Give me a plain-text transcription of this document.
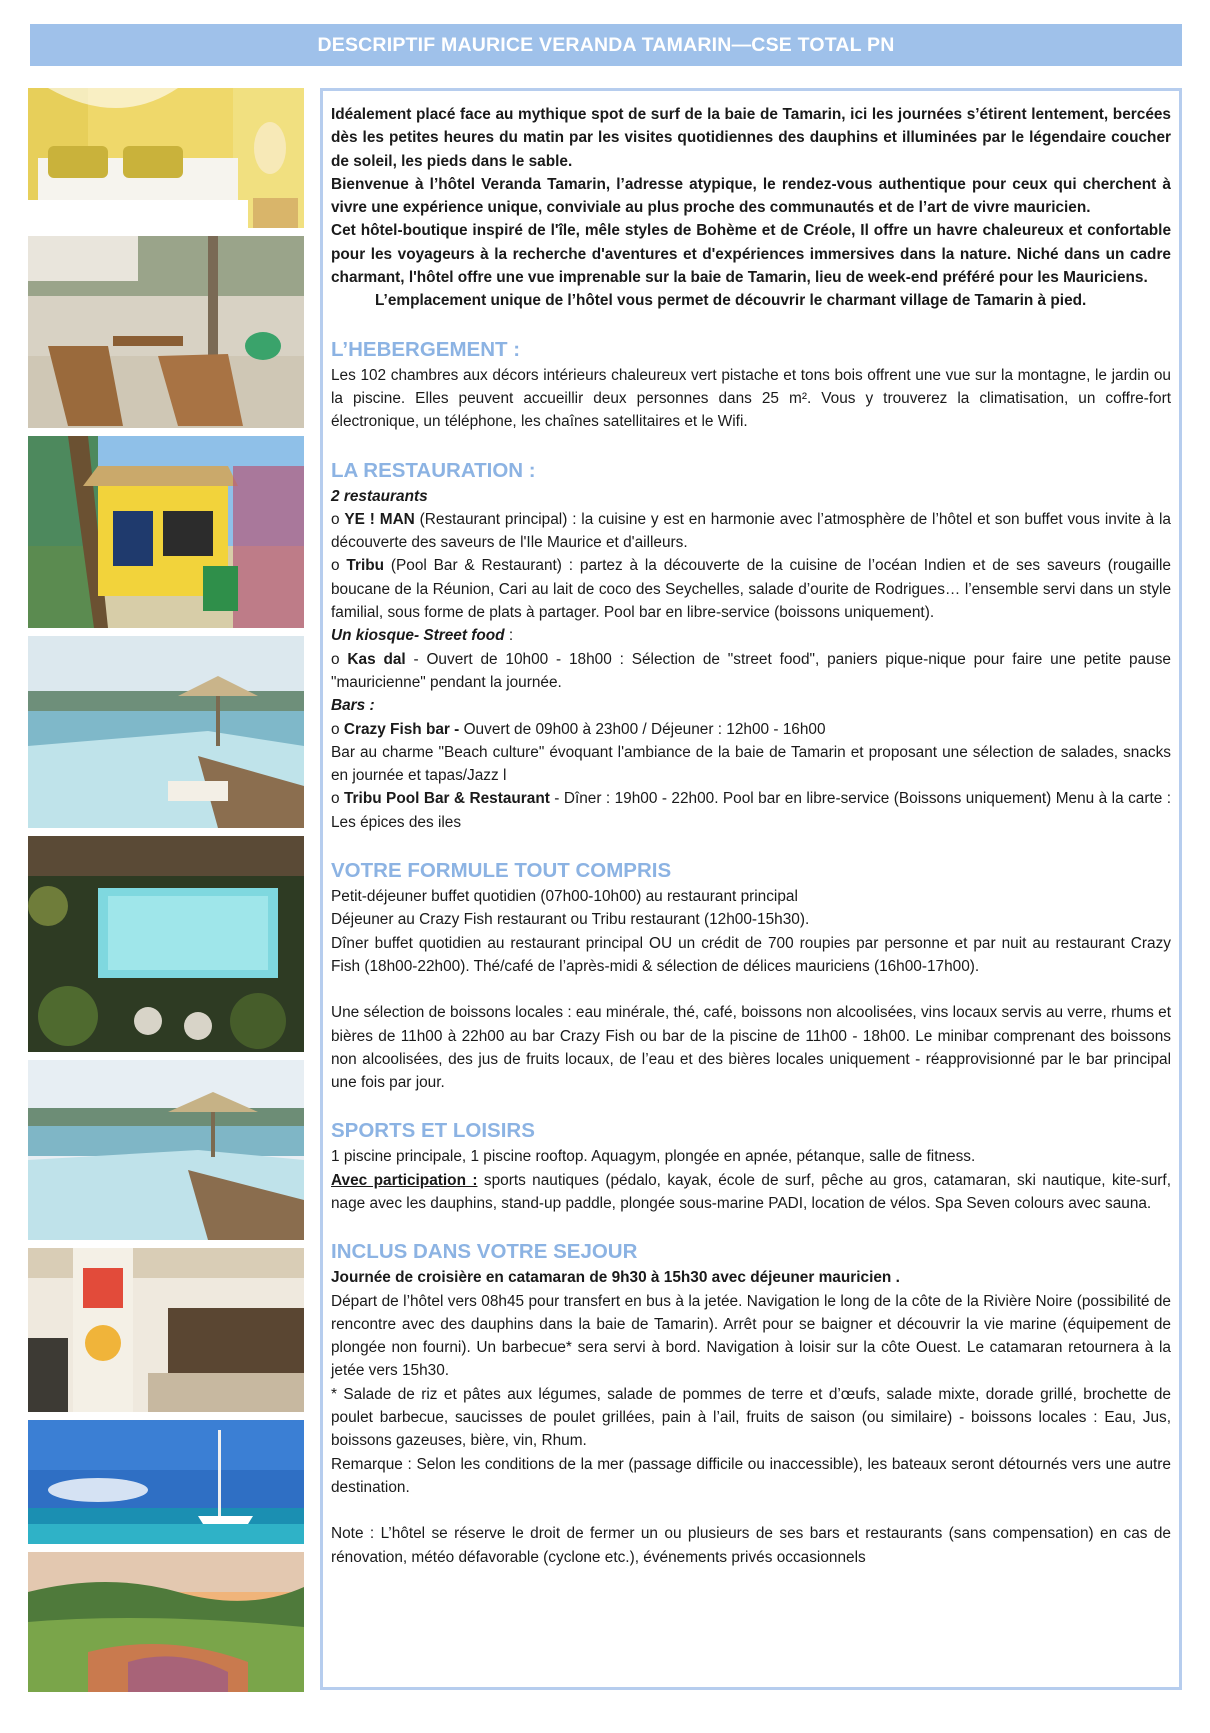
DESCRIPTIF MAURICE VERANDA TAMARIN—CSE TOTAL PN

Idéalement placé face au mythique spot de surf de la baie de Tamarin, ici les journées s’étirent lentement, bercées dès les petites heures du matin par les visites quotidiennes des dauphins et illuminées par le légendaire coucher de soleil, les pieds dans le sable.

Bienvenue à l’hôtel Veranda Tamarin, l’adresse atypique, le rendez-vous authentique pour ceux qui cherchent à vivre une expérience unique, conviviale au plus proche des communautés et de l’art de vivre mauricien.

Cet hôtel-boutique inspiré de l'île, mêle styles de Bohème et de Créole, Il offre un havre chaleureux et confortable pour les voyageurs à la recherche d'aventures et d'expériences immersives dans la nature. Niché dans un cadre charmant, l'hôtel offre une vue imprenable sur la baie de Tamarin, lieu de week-end préféré pour les Mauriciens.

L’emplacement unique de l’hôtel vous permet de découvrir le charmant village de Tamarin à pied.

L’HEBERGEMENT :

Les 102 chambres aux décors intérieurs chaleureux vert pistache et tons bois offrent une vue sur la montagne, le jardin ou la piscine. Elles peuvent accueillir deux personnes dans 25 m². Vous y trouverez la climatisation, un coffre-fort électronique, un téléphone, les chaînes satellitaires et le Wifi.

LA RESTAURATION :

2 restaurants

o YE ! MAN (Restaurant principal) : la cuisine y est en harmonie avec l’atmosphère de l’hôtel et son buffet vous invite à la découverte des saveurs de l'Ile Maurice et d'ailleurs.

o Tribu (Pool Bar & Restaurant) : partez à la découverte de la cuisine de l’océan Indien et de ses saveurs (rougaille boucane de la Réunion, Cari au lait de coco des Seychelles, salade d’ourite de Rodrigues… l’ensemble servi dans un style familial, sous forme de plats à partager. Pool bar en libre-service (boissons uniquement).

Un kiosque- Street food :

o Kas dal - Ouvert de 10h00 - 18h00 : Sélection de "street food", paniers pique-nique pour faire une petite pause "mauricienne" pendant la journée.

Bars :

o Crazy Fish bar - Ouvert de 09h00 à 23h00 / Déjeuner : 12h00 - 16h00

Bar au charme "Beach culture" évoquant l'ambiance de la baie de Tamarin et proposant une sélection de salades, snacks en journée et tapas/Jazz l

o Tribu Pool Bar & Restaurant - Dîner : 19h00 - 22h00. Pool bar en libre-service (Boissons uniquement) Menu à la carte : Les épices des iles

VOTRE FORMULE TOUT COMPRIS

Petit-déjeuner buffet quotidien (07h00-10h00) au restaurant principal

Déjeuner au Crazy Fish restaurant ou Tribu restaurant (12h00-15h30).

Dîner buffet quotidien au restaurant principal OU un crédit de 700 roupies par personne et par nuit au restaurant Crazy Fish (18h00-22h00). Thé/café de l’après-midi & sélection de délices mauriciens (16h00-17h00).

Une sélection de boissons locales : eau minérale, thé, café, boissons non alcoolisées, vins locaux servis au verre, rhums et bières de 11h00 à 22h00 au bar Crazy Fish ou bar de la piscine de 11h00 - 18h00. Le minibar comprenant des boissons non alcoolisées, des jus de fruits locaux, de l’eau et des bières locales uniquement - réapprovisionné par le bar principal une fois par jour.

SPORTS ET LOISIRS

1 piscine principale, 1 piscine rooftop. Aquagym, plongée en apnée, pétanque, salle de fitness.

Avec participation : sports nautiques (pédalo, kayak, école de surf, pêche au gros, catamaran, ski nautique, kite-surf, nage avec les dauphins, stand-up paddle, plongée sous-marine PADI, location de vélos. Spa Seven colours avec sauna.

INCLUS DANS VOTRE SEJOUR

Journée de croisière en catamaran de 9h30 à 15h30 avec déjeuner mauricien .

Départ de l’hôtel vers 08h45 pour transfert en bus à la jetée. Navigation le long de la côte de la Rivière Noire (possibilité de rencontre avec des dauphins dans la baie de Tamarin). Arrêt pour se baigner et découvrir la vie marine (équipement de plongée non fourni). Un barbecue* sera servi à bord. Navigation à loisir sur la côte Ouest. Le catamaran retournera à la jetée vers 15h30.

* Salade de riz et pâtes aux légumes, salade de pommes de terre et d’œufs, salade mixte, dorade grillé, brochette de poulet barbecue, saucisses de poulet grillées, pain à l’ail, fruits de saison (ou similaire) - boissons locales : Eau, Jus, boissons gazeuses, bière, vin, Rhum.

Remarque : Selon les conditions de la mer (passage difficile ou inaccessible), les bateaux seront détournés vers une autre destination.

Note : L’hôtel se réserve le droit de fermer un ou plusieurs de ses bars et restaurants (sans compensation) en cas de rénovation, météo défavorable (cyclone etc.), événements privés occasionnels
